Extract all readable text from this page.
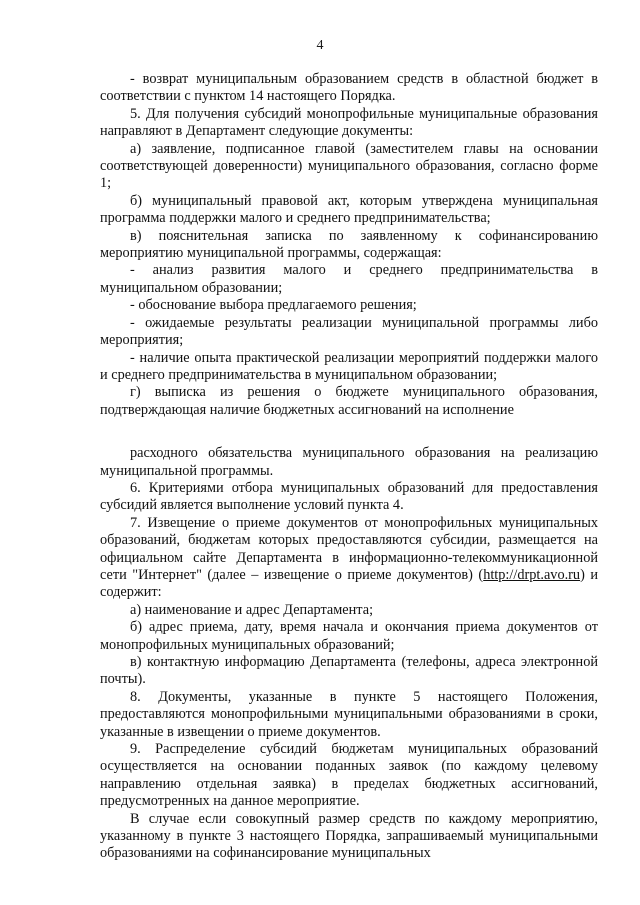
4

- возврат муниципальным образованием средств в областной бюджет в соответствии с пунктом 14 настоящего Порядка.

5. Для получения субсидий монопрофильные муниципальные образования направляют в Департамент следующие документы:

а) заявление, подписанное главой (заместителем главы на основании соответствующей доверенности) муниципального образования, согласно форме 1;

б) муниципальный правовой акт, которым утверждена муниципальная программа поддержки малого и среднего предпринимательства;

в) пояснительная записка по заявленному к софинансированию мероприятию муниципальной программы, содержащая:

- анализ развития малого и среднего предпринимательства в муниципальном образовании;

- обоснование выбора предлагаемого решения;

- ожидаемые результаты реализации муниципальной программы либо мероприятия;

- наличие опыта практической реализации мероприятий поддержки малого и среднего предпринимательства в муниципальном образовании;

г) выписка из решения о бюджете муниципального образования, подтверждающая наличие бюджетных ассигнований на исполнение

расходного обязательства муниципального образования на реализацию муниципальной программы.

6. Критериями отбора муниципальных образований для предоставления субсидий является выполнение условий пункта 4.

7. Извещение о приеме документов от монопрофильных муниципальных образований, бюджетам которых предоставляются субсидии, размещается на официальном сайте Департамента в информационно-телекоммуникационной сети "Интернет" (далее – извещение о приеме документов) (http://drpt.avo.ru) и содержит:

а) наименование и адрес Департамента;

б) адрес приема, дату, время начала и окончания приема документов от монопрофильных муниципальных образований;

в) контактную информацию Департамента (телефоны, адреса электронной почты).

8. Документы, указанные в пункте 5 настоящего Положения, предоставляются монопрофильными муниципальными образованиями в сроки, указанные в извещении о приеме документов.

9. Распределение субсидий бюджетам муниципальных образований осуществляется на основании поданных заявок (по каждому целевому направлению отдельная заявка) в пределах бюджетных ассигнований, предусмотренных на данное мероприятие.

В случае если совокупный размер средств по каждому мероприятию, указанному в пункте 3 настоящего Порядка, запрашиваемый муниципальными образованиями на софинансирование муниципальных
